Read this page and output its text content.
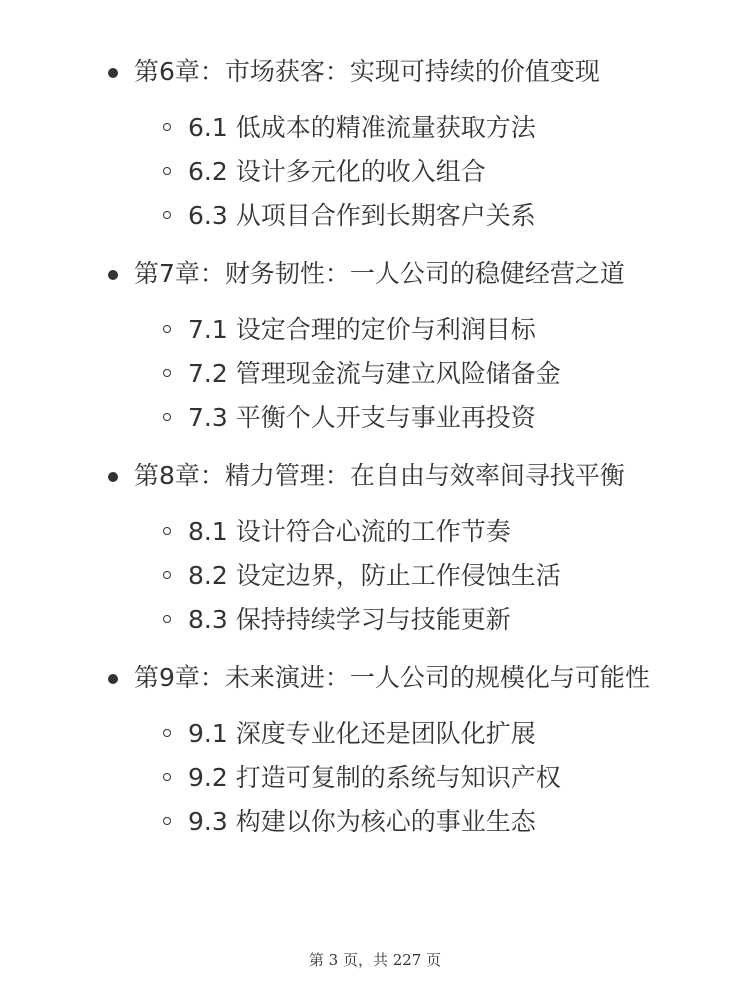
第6章：市场获客：实现可持续的价值变现
6.1 低成本的精准流量获取方法
6.2 设计多元化的收入组合
6.3 从项目合作到长期客户关系
第7章：财务韧性：一人公司的稳健经营之道
7.1 设定合理的定价与利润目标
7.2 管理现金流与建立风险储备金
7.3 平衡个人开支与事业再投资
第8章：精力管理：在自由与效率间寻找平衡
8.1 设计符合心流的工作节奏
8.2 设定边界，防止工作侵蚀生活
8.3 保持持续学习与技能更新
第9章：未来演进：一人公司的规模化与可能性
9.1 深度专业化还是团队化扩展
9.2 打造可复制的系统与知识产权
9.3 构建以你为核心的事业生态
第 3 页，共 227 页
